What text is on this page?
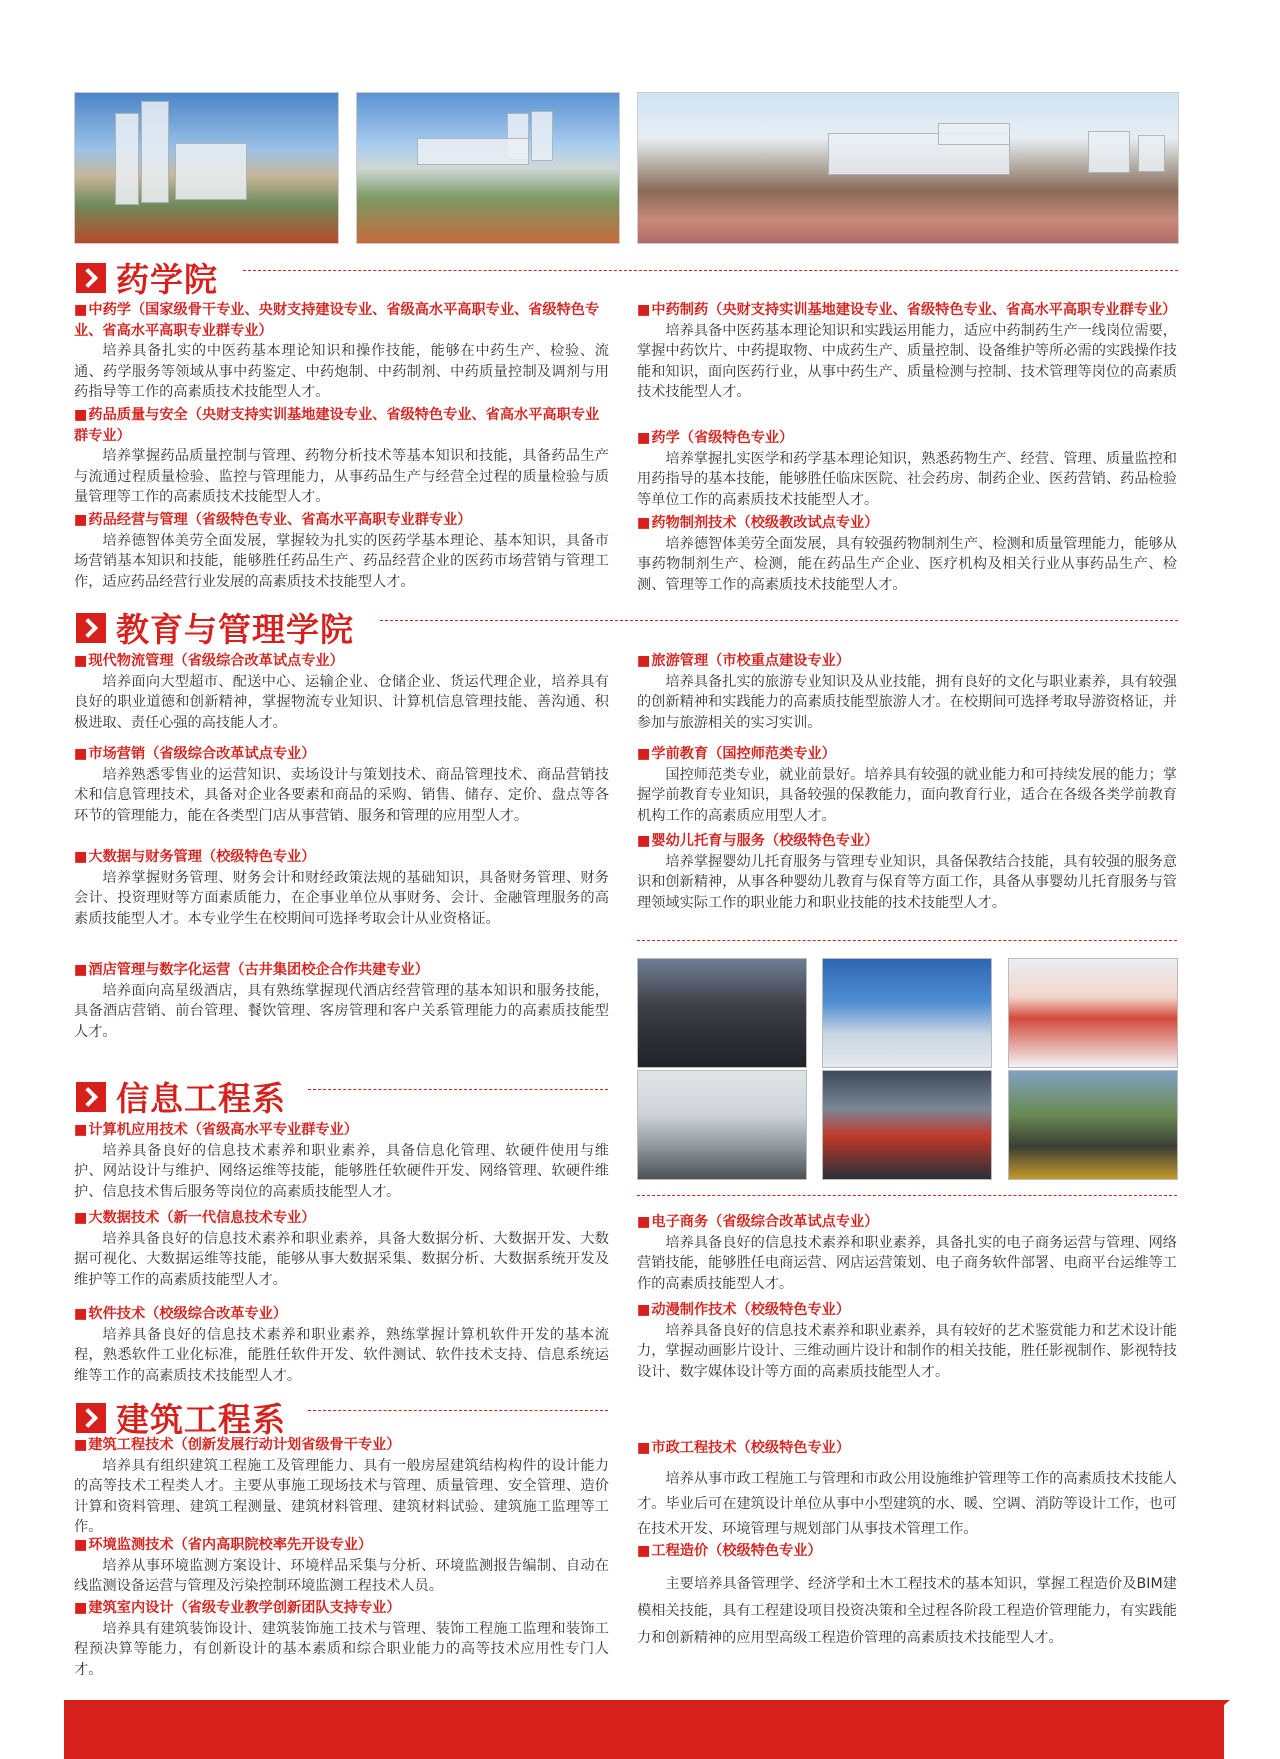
药学院
■ 中药学（国家级骨干专业、央财支持建设专业、省级高水平高职专业、省级特色专业、省高水平高职专业群专业）

培养具备扎实的中医药基本理论知识和操作技能，能够在中药生产、检验、流通、药学服务等领域从事中药鉴定、中药炮制、中药制剂、中药质量控制及调剂与用药指导等工作的高素质技术技能型人才。

■ 药品质量与安全（央财支持实训基地建设专业、省级特色专业、省高水平高职专业群专业）

培养掌握药品质量控制与管理、药物分析技术等基本知识和技能，具备药品生产与流通过程质量检验、监控与管理能力，从事药品生产与经营全过程的质量检验与质量管理等工作的高素质技术技能型人才。

■ 药品经营与管理（省级特色专业、省高水平高职专业群专业）

培养德智体美劳全面发展，掌握较为扎实的医药学基本理论、基本知识，具备市场营销基本知识和技能，能够胜任药品生产、药品经营企业的医药市场营销与管理工作，适应药品经营行业发展的高素质技术技能型人才。

■ 中药制药（央财支持实训基地建设专业、省级特色专业、省高水平高职专业群专业）

培养具备中医药基本理论知识和实践运用能力，适应中药制药生产一线岗位需要，掌握中药饮片、中药提取物、中成药生产、质量控制、设备维护等所必需的实践操作技能和知识，面向医药行业，从事中药生产、质量检测与控制、技术管理等岗位的高素质技术技能型人才。

■ 药学（省级特色专业）

培养掌握扎实医学和药学基本理论知识，熟悉药物生产、经营、管理、质量监控和用药指导的基本技能，能够胜任临床医院、社会药房、制药企业、医药营销、药品检验等单位工作的高素质技术技能型人才。

■ 药物制剂技术（校级教改试点专业）

培养德智体美劳全面发展，具有较强药物制剂生产、检测和质量管理能力，能够从事药物制剂生产、检测，能在药品生产企业、医疗机构及相关行业从事药品生产、检测、管理等工作的高素质技术技能型人才。

教育与管理学院
■ 现代物流管理（省级综合改革试点专业）

培养面向大型超市、配送中心、运输企业、仓储企业、货运代理企业，培养具有良好的职业道德和创新精神，掌握物流专业知识、计算机信息管理技能、善沟通、积极进取、责任心强的高技能人才。

■ 市场营销（省级综合改革试点专业）

培养熟悉零售业的运营知识、卖场设计与策划技术、商品管理技术、商品营销技术和信息管理技术，具备对企业各要素和商品的采购、销售、储存、定价、盘点等各环节的管理能力，能在各类型门店从事营销、服务和管理的应用型人才。

■ 大数据与财务管理（校级特色专业）

培养掌握财务管理、财务会计和财经政策法规的基础知识，具备财务管理、财务会计、投资理财等方面素质能力，在企事业单位从事财务、会计、金融管理服务的高素质技能型人才。本专业学生在校期间可选择考取会计从业资格证。

■ 酒店管理与数字化运营（古井集团校企合作共建专业）

培养面向高星级酒店，具有熟练掌握现代酒店经营管理的基本知识和服务技能，具备酒店营销、前台管理、餐饮管理、客房管理和客户关系管理能力的高素质技能型人才。

■ 旅游管理（市校重点建设专业）

培养具备扎实的旅游专业知识及从业技能，拥有良好的文化与职业素养，具有较强的创新精神和实践能力的高素质技能型旅游人才。在校期间可选择考取导游资格证，并参加与旅游相关的实习实训。

■ 学前教育（国控师范类专业）

国控师范类专业，就业前景好。培养具有较强的就业能力和可持续发展的能力；掌握学前教育专业知识，具备较强的保教能力，面向教育行业，适合在各级各类学前教育机构工作的高素质应用型人才。

■ 婴幼儿托育与服务（校级特色专业）

培养掌握婴幼儿托育服务与管理专业知识，具备保教结合技能，具有较强的服务意识和创新精神，从事各种婴幼儿教育与保育等方面工作，具备从事婴幼儿托育服务与管理领域实际工作的职业能力和职业技能的技术技能型人才。

信息工程系
■ 计算机应用技术（省级高水平专业群专业）

培养具备良好的信息技术素养和职业素养，具备信息化管理、软硬件使用与维护、网站设计与维护、网络运维等技能，能够胜任软硬件开发、网络管理、软硬件维护、信息技术售后服务等岗位的高素质技能型人才。

■ 大数据技术（新一代信息技术专业）

培养具备良好的信息技术素养和职业素养，具备大数据分析、大数据开发、大数据可视化、大数据运维等技能，能够从事大数据采集、数据分析、大数据系统开发及维护等工作的高素质技能型人才。

■ 软件技术（校级综合改革专业）

培养具备良好的信息技术素养和职业素养，熟练掌握计算机软件开发的基本流程，熟悉软件工业化标准，能胜任软件开发、软件测试、软件技术支持、信息系统运维等工作的高素质技术技能型人才。

■ 电子商务（省级综合改革试点专业）

培养具备良好的信息技术素养和职业素养，具备扎实的电子商务运营与管理、网络营销技能，能够胜任电商运营、网店运营策划、电子商务软件部署、电商平台运维等工作的高素质技能型人才。

■ 动漫制作技术（校级特色专业）

培养具备良好的信息技术素养和职业素养，具有较好的艺术鉴赏能力和艺术设计能力，掌握动画影片设计、三维动画片设计和制作的相关技能，胜任影视制作、影视特技设计、数字媒体设计等方面的高素质技能型人才。

建筑工程系
■ 建筑工程技术（创新发展行动计划省级骨干专业）

培养具有组织建筑工程施工及管理能力、具有一般房屋建筑结构构件的设计能力的高等技术工程类人才。主要从事施工现场技术与管理、质量管理、安全管理、造价计算和资料管理、建筑工程测量、建筑材料管理、建筑材料试验、建筑施工监理等工作。

■ 环境监测技术（省内高职院校率先开设专业）

培养从事环境监测方案设计、环境样品采集与分析、环境监测报告编制、自动在线监测设备运营与管理及污染控制环境监测工程技术人员。

■ 建筑室内设计（省级专业教学创新团队支持专业）

培养具有建筑装饰设计、建筑装饰施工技术与管理、装饰工程施工监理和装饰工程预决算等能力，有创新设计的基本素质和综合职业能力的高等技术应用性专门人才。

■ 市政工程技术（校级特色专业）

培养从事市政工程施工与管理和市政公用设施维护管理等工作的高素质技术技能人才。毕业后可在建筑设计单位从事中小型建筑的水、暖、空调、消防等设计工作，也可在技术开发、环境管理与规划部门从事技术管理工作。

■ 工程造价（校级特色专业）

主要培养具备管理学、经济学和土木工程技术的基本知识，掌握工程造价及BIM建模相关技能，具有工程建设项目投资决策和全过程各阶段工程造价管理能力，有实践能力和创新精神的应用型高级工程造价管理的高素质技术技能型人才。
